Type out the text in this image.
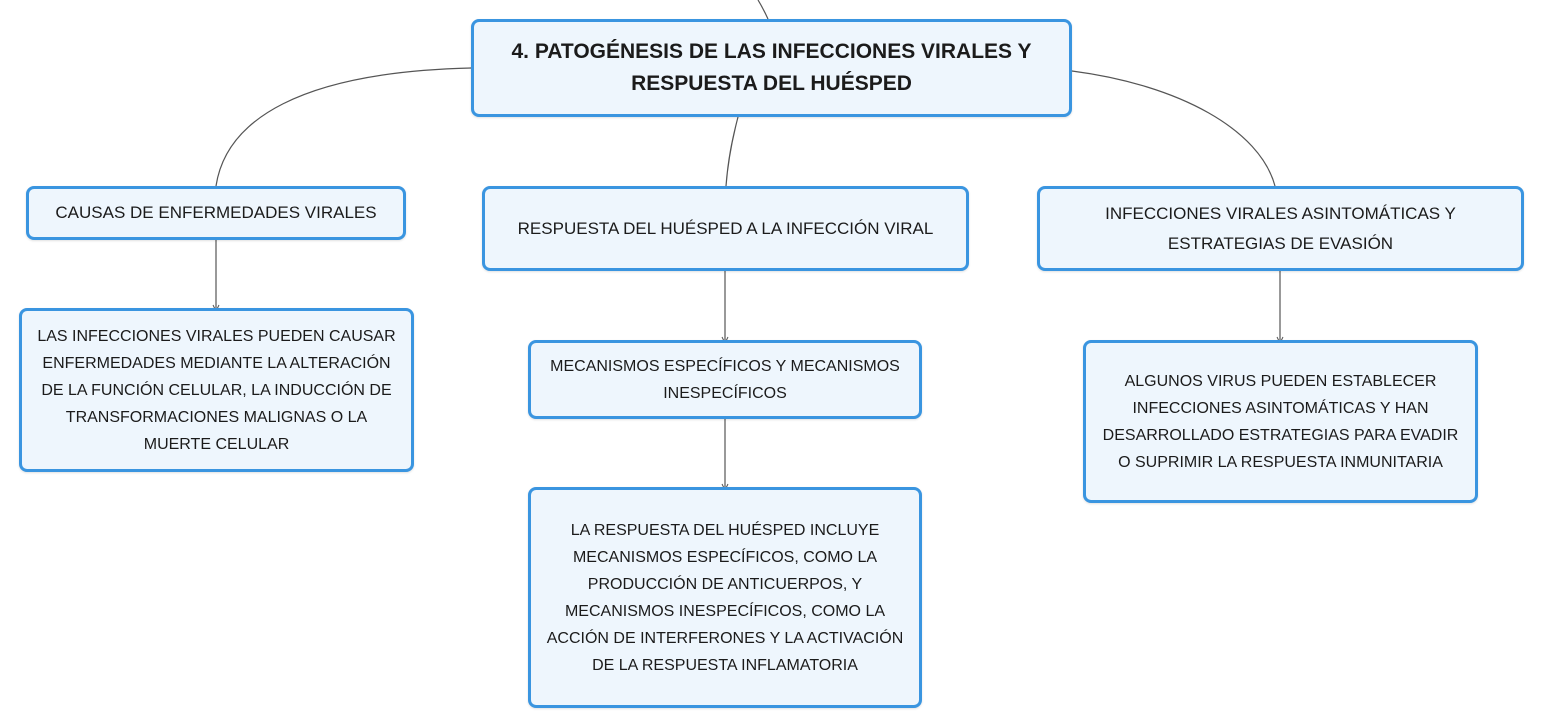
4. PATOGÉNESIS DE LAS INFECCIONES VIRALES Y RESPUESTA DEL HUÉSPED
CAUSAS DE ENFERMEDADES VIRALES
RESPUESTA DEL HUÉSPED A LA INFECCIÓN VIRAL
INFECCIONES VIRALES ASINTOMÁTICAS Y ESTRATEGIAS DE EVASIÓN
LAS INFECCIONES VIRALES PUEDEN CAUSAR ENFERMEDADES MEDIANTE LA ALTERACIÓN DE LA FUNCIÓN CELULAR, LA INDUCCIÓN DE TRANSFORMACIONES MALIGNAS O LA MUERTE CELULAR
MECANISMOS ESPECÍFICOS Y MECANISMOS INESPECÍFICOS
LA RESPUESTA DEL HUÉSPED INCLUYE MECANISMOS ESPECÍFICOS, COMO LA PRODUCCIÓN DE ANTICUERPOS, Y MECANISMOS INESPECÍFICOS, COMO LA ACCIÓN DE INTERFERONES Y LA ACTIVACIÓN DE LA RESPUESTA INFLAMATORIA
ALGUNOS VIRUS PUEDEN ESTABLECER INFECCIONES ASINTOMÁTICAS Y HAN DESARROLLADO ESTRATEGIAS PARA EVADIR O SUPRIMIR LA RESPUESTA INMUNITARIA
